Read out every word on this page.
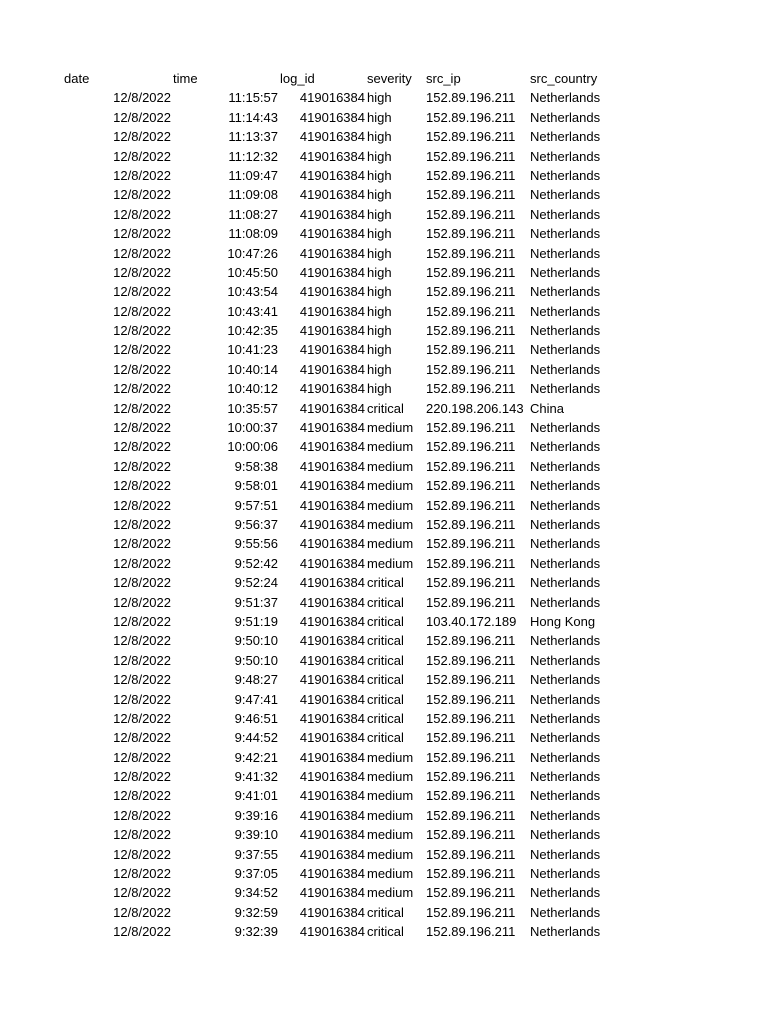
date	time	log_id	severity src_ip	src_country
12/8/2022	11:15:57	419016384 high	152.89.196.211 Netherlands
12/8/2022	11:14:43	419016384 high	152.89.196.211 Netherlands
12/8/2022	11:13:37	419016384 high	152.89.196.211 Netherlands
12/8/2022	11:12:32	419016384 high	152.89.196.211 Netherlands
12/8/2022	11:09:47	419016384 high	152.89.196.211 Netherlands
12/8/2022	11:09:08	419016384 high	152.89.196.211 Netherlands
12/8/2022	11:08:27	419016384 high	152.89.196.211 Netherlands
12/8/2022	11:08:09	419016384 high	152.89.196.211 Netherlands
12/8/2022	10:47:26	419016384 high	152.89.196.211 Netherlands
12/8/2022	10:45:50	419016384 high	152.89.196.211 Netherlands
12/8/2022	10:43:54	419016384 high	152.89.196.211 Netherlands
12/8/2022	10:43:41	419016384 high	152.89.196.211 Netherlands
12/8/2022	10:42:35	419016384 high	152.89.196.211 Netherlands
12/8/2022	10:41:23	419016384 high	152.89.196.211 Netherlands
12/8/2022	10:40:14	419016384 high	152.89.196.211 Netherlands
12/8/2022	10:40:12	419016384 high	152.89.196.211 Netherlands
12/8/2022	10:35:57	419016384 critical 220.198.206.143 China
12/8/2022	10:00:37	419016384 medium 152.89.196.211 Netherlands
12/8/2022	10:00:06	419016384 medium 152.89.196.211 Netherlands
12/8/2022	9:58:38	419016384 medium 152.89.196.211 Netherlands
12/8/2022	9:58:01	419016384 medium 152.89.196.211 Netherlands
12/8/2022	9:57:51	419016384 medium 152.89.196.211 Netherlands
12/8/2022	9:56:37	419016384 medium 152.89.196.211 Netherlands
12/8/2022	9:55:56	419016384 medium 152.89.196.211 Netherlands
12/8/2022	9:52:42	419016384 medium 152.89.196.211 Netherlands
12/8/2022	9:52:24	419016384 critical 152.89.196.211 Netherlands
12/8/2022	9:51:37	419016384 critical 152.89.196.211 Netherlands
12/8/2022	9:51:19	419016384 critical 103.40.172.189 Hong Kong
12/8/2022	9:50:10	419016384 critical 152.89.196.211 Netherlands
12/8/2022	9:50:10	419016384 critical 152.89.196.211 Netherlands
12/8/2022	9:48:27	419016384 critical 152.89.196.211 Netherlands
12/8/2022	9:47:41	419016384 critical 152.89.196.211 Netherlands
12/8/2022	9:46:51	419016384 critical 152.89.196.211 Netherlands
12/8/2022	9:44:52	419016384 critical 152.89.196.211 Netherlands
12/8/2022	9:42:21	419016384 medium 152.89.196.211 Netherlands
12/8/2022	9:41:32	419016384 medium 152.89.196.211 Netherlands
12/8/2022	9:41:01	419016384 medium 152.89.196.211 Netherlands
12/8/2022	9:39:16	419016384 medium 152.89.196.211 Netherlands
12/8/2022	9:39:10	419016384 medium 152.89.196.211 Netherlands
12/8/2022	9:37:55	419016384 medium 152.89.196.211 Netherlands
12/8/2022	9:37:05	419016384 medium 152.89.196.211 Netherlands
12/8/2022	9:34:52	419016384 medium 152.89.196.211 Netherlands
12/8/2022	9:32:59	419016384 critical 152.89.196.211 Netherlands
12/8/2022	9:32:39	419016384 critical 152.89.196.211 Netherlands
